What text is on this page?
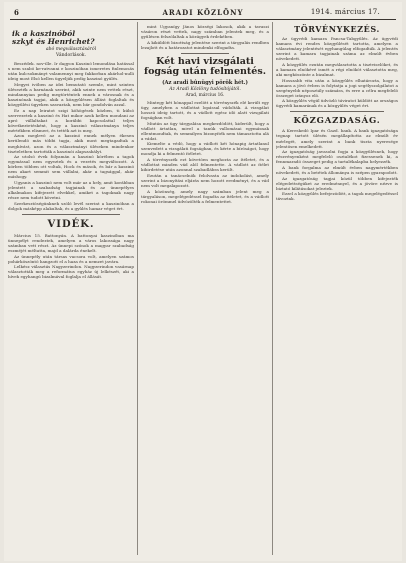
6	ARADI KÖZLÖNY	1914. március 17.
ik a kaszinóból
szkyt és Henrichet?
abó megválasztásáról
Vándorlások.

Beszédek. nov-ille. Ir dagyon Kaszinó lemondása hatással s nem szabó ke-ratvanni e koszinóban ismeretes finlemosás után kulcsokmányt valamennyi meg fakkorban akárhol-nulli ideig most Elsõ kellen ügyeljük pedig kaszinó gyülés.

Megyei ivóben az idei bemutató szemle, mint szinten ülésezték a barnának szerint, akik szinte nem vettek részt, mindannyian pedig megtörténtek ennek a városnak és a kaszinónak tagjai, akik a közgyûlésen állást foglaltak és közgyûlési ügyeken szavaztak, nem bár gondolván azzal.

Ez a nap leiratot szigi köhögések közben, ti külsõ szervezetek a kaszinó és Hat mikor azok kellen mondani az apró vállaltakat a korábbi kapcsolattal teljes következtetésként, hogy a kaszinó választmánya teljes mértékben elismeri, és tették azt is meg.

Azon meglevõ az a kaszinó ennek mélyen ékesen kerülendõ más többi tagja, akik most megtagadtak a meghívást, azon és a választmányi üléseken mindenkor tiszteletben tartották a kaszinói alapszabályt.

Az utolsó évek folyamán a kaszinó körében a tagok egymással nem egyeztek és a vezetés megváltozott. A körben többen ott voltak, Hock és mások, és bár a kaszinó nem akart semmit sem vállalni, akár a tagsággal, akár máshogy.

Ugyanis a kaszinó nem volt már az a hely, amit korábban jelentett a szabadság tagjainak és az ünnepélyes alkalmakon kifejezett elvekkel, amiket a tagoknak nagy része nem tudott követni.

Szerkesztõségünknek szóló levél szerint a kaszinóban a dolgok másképp alakultak, és a gyûlés hamar véget ért.

VIDÉK.

Március 15. Battonyán. A battonyai kaszinóban ma ünnepélyt rendeztek, amelyen a város lakossága nagy számban vett részt. Az ünnepi szónok a magyar szabadság eszméjét méltatta, majd a dalárda énekelt.

Az ünnepély után társas vacsora volt, amelyen számos pohárköszöntõ hangzott el a haza és a nemzet javára.

Lelkész választás Nagyzerindon. Nagyzerindon vasárnap választották meg a református egyház új lelkészét, aki a hívek egyhangú bizalmával foglalja el állását.

mint Ugyanígy János községi lakosok, akik a tavaszi vásáron részt vettek, nagy számban jelentek meg, és a gyûlésen felszólaltak a közügyek érdekében.

A kiküldött bizottság jelentése szerint a tárgyalás rendben lezajlott és a határozatot mindenki elfogadta.

Két havi vizsgálati fogság után felmentés.
(Az aradi bûnügyi pörök hét.)
Az Aradi Közlöny tudósítójától.
Arad, március 16.

Mintegy két hónappal ezelõtt a törvényszék elé került egy ügy, amelyben a vádlottat lopással vádolták. A vizsgálat hosszú ideig tartott, és a vádlott egész idõ alatt vizsgálati fogságban volt.

Miután az ügy tárgyalása megkezdõdött, kiderült, hogy a vádlott ártatlan, mivel a tanúk vallomásai egymásnak ellentmondtak, és semmilyen bizonyíték nem támasztotta alá a vádat.

Kiemelte a védõ, hogy a vádlott két hónapig ártatlanul szenvedett a vizsgálati fogságban, és kérte a bíróságot, hogy mondja ki a felmentõ ítéletet.

A törvényszék ezt követõen meghozta az ítéletet, és a vádlottat minden vád alól felmentette. A vádlott az ítélet kihirdetése után azonnal szabadlábra került.

Ezután a tanácselnök felolvasta az indokolást, amely szerint a bizonyítási eljárás nem hozott eredményt, és a vád nem volt megalapozott.

A közönség, amely nagy számban jelent meg a tárgyaláson, megelégedéssel fogadta az ítéletet, és a vádlott rokonai örömmel üdvözölték a felmentettet.

TÖRVÉNYKEZÉS.

Az ügyvédi kamara Pancsa-Tabgyûlés. Az ügyvédi kamara évi rendes közgyûlését tartotta, amelyen a választmány jelentését egyhangúlag elfogadták. A jelentés szerint a kamara tagjainak száma az elmúlt évben növekedett.

A közgyûlés ezután megválasztotta a tisztviselõket, és a kamara elnökévé ismét a régi elnököt választotta meg, aki megköszönte a bizalmat.

Hosszabb vita után a közgyûlés elhatározta, hogy a kamara a jövõ évben is folytatja a jogi segélyszolgálatot a szegényebb néposztály számára, és erre a célra megfelelõ összeget irányoz elõ.

A közgyûlés végül üdvözlõ táviratot küldött az országos ügyvédi kamarának és a közgyûlés véget ért.

KÖZGAZDASÁG.

A Kereskedõ Ipar és Gazd. bank. A bank igazgatósága tegnap tartott ülésén megállapította az elmúlt év mérlegét, amely szerint a bank tiszta nyeresége jelentõsen emelkedett.

Az igazgatóság javasolni fogja a közgyûlésnek, hogy részvényenként megfelelõ osztalékot fizessenek ki, a fennmaradó összeget pedig a tartalékalapba helyezzék.

A bank forgalma az elmúlt évben nagymértékben növekedett, és a betétek állománya is szépen gyarapodott.

Az igazgatóság tagjai közül többen kifejezték elégedettségüket az eredménnyel, és a jövõre nézve is biztató kilátásokat jeleztek.

Ezzel a közgyûlés befejezõdött, a tagok megelégedéssel távoztak.
